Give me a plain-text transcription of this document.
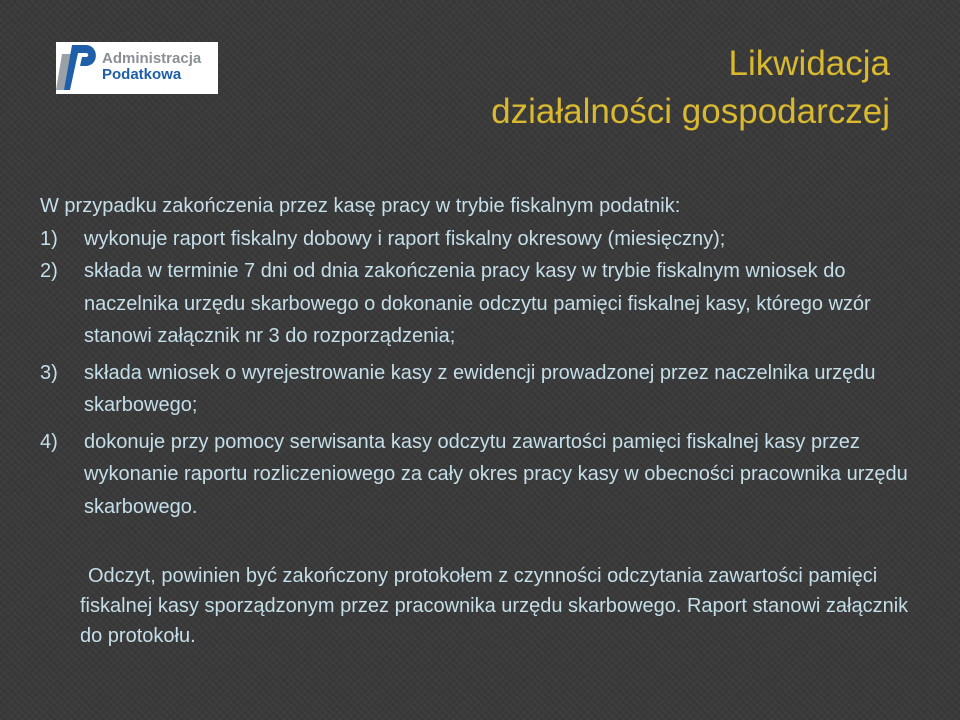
Administracja
Podatkowa	Likwidacja
działalności gospodarczej

W przypadku zakończenia przez kasę pracy w trybie fiskalnym podatnik:

1) wykonuje raport fiskalny dobowy i raport fiskalny okresowy (miesięczny);
2) składa w terminie 7 dni od dnia zakończenia pracy kasy w trybie fiskalnym wniosek do naczelnika urzędu skarbowego o dokonanie odczytu pamięci fiskalnej kasy, którego wzór stanowi załącznik nr 3 do rozporządzenia;
3) składa wniosek o wyrejestrowanie kasy z ewidencji prowadzonej przez naczelnika urzędu skarbowego;
4) dokonuje przy pomocy serwisanta kasy odczytu zawartości pamięci fiskalnej kasy przez wykonanie raportu rozliczeniowego za cały okres pracy kasy w obecności pracownika urzędu skarbowego.

Odczyt, powinien być zakończony protokołem z czynności odczytania zawartości pamięci fiskalnej kasy sporządzonym przez pracownika urzędu skarbowego. Raport stanowi załącznik do protokołu.
